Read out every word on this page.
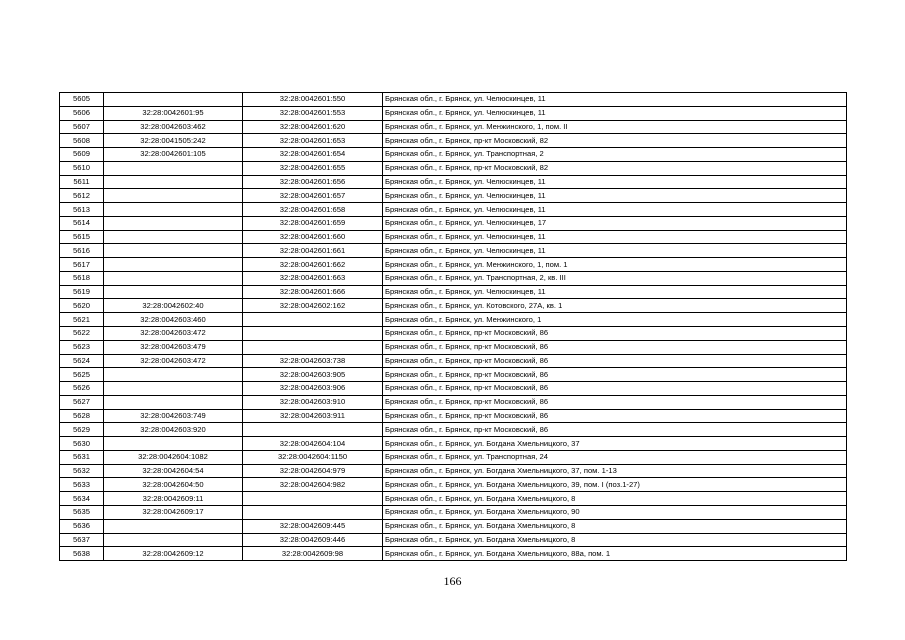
5605		32:28:0042601:550	Брянская обл., г. Брянск, ул. Челюскинцев, 11
5606	32:28:0042601:95	32:28:0042601:553	Брянская обл., г. Брянск, ул. Челюскинцев, 11
5607	32:28:0042603:462	32:28:0042601:620	Брянская обл., г. Брянск, ул. Менжинского, 1, пом. II
5608	32:28:0041505:242	32:28:0042601:653	Брянская обл., г. Брянск, пр-кт Московский, 82
5609	32:28:0042601:105	32:28:0042601:654	Брянская обл., г. Брянск, ул. Транспортная, 2
5610		32:28:0042601:655	Брянская обл., г. Брянск, пр-кт Московский, 82
5611		32:28:0042601:656	Брянская обл., г. Брянск, ул. Челюскинцев, 11
5612		32:28:0042601:657	Брянская обл., г. Брянск, ул. Челюскинцев, 11
5613		32:28:0042601:658	Брянская обл., г. Брянск, ул. Челюскинцев, 11
5614		32:28:0042601:659	Брянская обл., г. Брянск, ул. Челюскинцев, 17
5615		32:28:0042601:660	Брянская обл., г. Брянск, ул. Челюскинцев, 11
5616		32:28:0042601:661	Брянская обл., г. Брянск, ул. Челюскинцев, 11
5617		32:28:0042601:662	Брянская обл., г. Брянск, ул. Менжинского, 1, пом. 1
5618		32:28:0042601:663	Брянская обл., г. Брянск, ул. Транспортная, 2, кв. III
5619		32:28:0042601:666	Брянская обл., г. Брянск, ул. Челюскинцев, 11
5620	32:28:0042602:40	32:28:0042602:162	Брянская обл., г. Брянск, ул. Котовского, 27А, кв. 1
5621	32:28:0042603:460		Брянская обл., г. Брянск, ул. Менжинского, 1
5622	32:28:0042603:472		Брянская обл., г. Брянск, пр-кт Московский, 86
5623	32:28:0042603:479		Брянская обл., г. Брянск, пр-кт Московский, 86
5624	32:28:0042603:472	32:28:0042603:738	Брянская обл., г. Брянск, пр-кт Московский, 86
5625		32:28:0042603:905	Брянская обл., г. Брянск, пр-кт Московский, 86
5626		32:28:0042603:906	Брянская обл., г. Брянск, пр-кт Московский, 86
5627		32:28:0042603:910	Брянская обл., г. Брянск, пр-кт Московский, 86
5628	32:28:0042603:749	32:28:0042603:911	Брянская обл., г. Брянск, пр-кт Московский, 86
5629	32:28:0042603:920		Брянская обл., г. Брянск, пр-кт Московский, 86
5630		32:28:0042604:104	Брянская обл., г. Брянск, ул. Богдана Хмельницкого, 37
5631	32:28:0042604:1082	32:28:0042604:1150	Брянская обл., г. Брянск, ул. Транспортная, 24
5632	32:28:0042604:54	32:28:0042604:979	Брянская обл., г. Брянск, ул. Богдана Хмельницкого, 37, пом. 1-13
5633	32:28:0042604:50	32:28:0042604:982	Брянская обл., г. Брянск, ул. Богдана Хмельницкого, 39, пом. I (поз.1-27)
5634	32:28:0042609:11		Брянская обл., г. Брянск, ул. Богдана Хмельницкого, 8
5635	32:28:0042609:17		Брянская обл., г. Брянск, ул. Богдана Хмельницкого, 90
5636		32:28:0042609:445	Брянская обл., г. Брянск, ул. Богдана Хмельницкого, 8
5637		32:28:0042609:446	Брянская обл., г. Брянск, ул. Богдана Хмельницкого, 8
5638	32:28:0042609:12	32:28:0042609:98	Брянская обл., г. Брянск, ул. Богдана Хмельницкого, 88а, пом. 1
166
